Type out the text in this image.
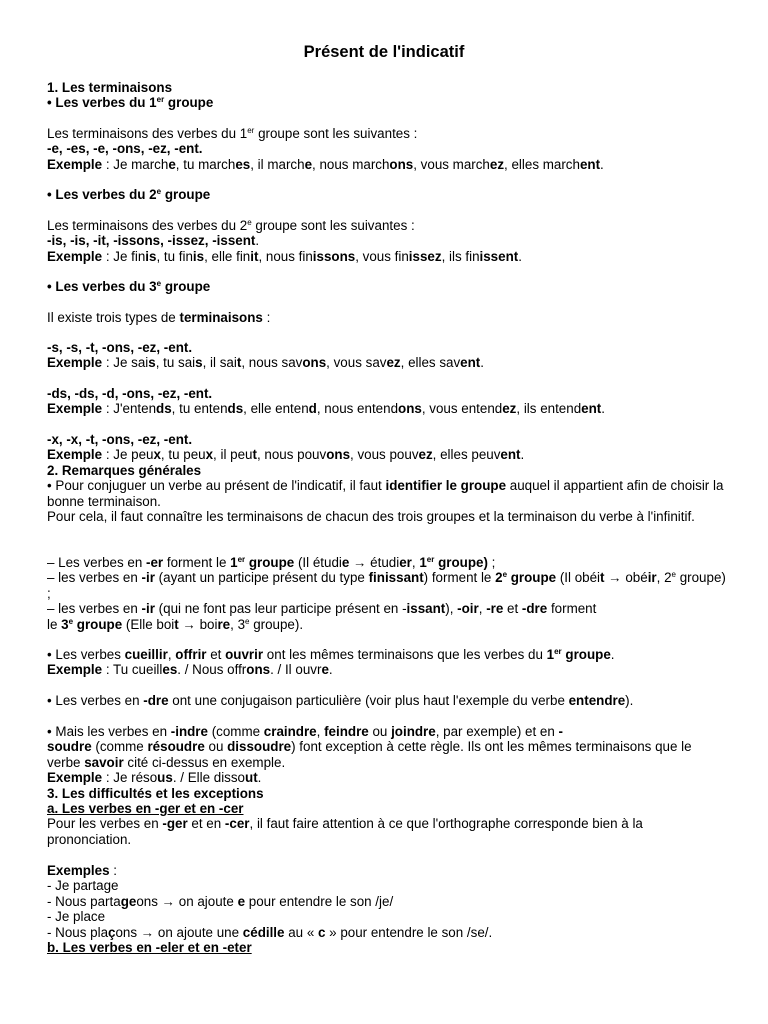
Présent de l'indicatif
1. Les terminaisons
• Les verbes du 1er groupe
Les terminaisons des verbes du 1er groupe sont les suivantes :
-e, -es, -e, -ons, -ez, -ent.
Exemple : Je marche, tu marches, il marche, nous marchons, vous marchez, elles marchent.
• Les verbes du 2e groupe
Les terminaisons des verbes du 2e groupe sont les suivantes :
-is, -is, -it, -issons, -issez, -issent.
Exemple : Je finis, tu finis, elle finit, nous finissons, vous finissez, ils finissent.
• Les verbes du 3e groupe
Il existe trois types de terminaisons :
-s, -s, -t, -ons, -ez, -ent.
Exemple : Je sais, tu sais, il sait, nous savons, vous savez, elles savent.
-ds, -ds, -d, -ons, -ez, -ent.
Exemple : J'entends, tu entends, elle entend, nous entendons, vous entendez, ils entendent.
-x, -x, -t, -ons, -ez, -ent.
Exemple : Je peux, tu peux, il peut, nous pouvons, vous pouvez, elles peuvent.
2. Remarques générales
• Pour conjuguer un verbe au présent de l'indicatif, il faut identifier le groupe auquel il appartient afin de choisir la bonne terminaison.
Pour cela, il faut connaître les terminaisons de chacun des trois groupes et la terminaison du verbe à l'infinitif.
– Les verbes en -er forment le 1er groupe (Il étudie → étudier, 1er groupe) ;
– les verbes en -ir (ayant un participe présent du type finissant) forment le 2e groupe (Il obéit → obéir, 2e groupe) ;
– les verbes en -ir (qui ne font pas leur participe présent en -issant), -oir, -re et -dre forment
le 3e groupe (Elle boit → boire, 3e groupe).
• Les verbes cueillir, offrir et ouvrir ont les mêmes terminaisons que les verbes du 1er groupe.
Exemple : Tu cueilles. / Nous offrons. / Il ouvre.
• Les verbes en -dre ont une conjugaison particulière (voir plus haut l'exemple du verbe entendre).
• Mais les verbes en -indre (comme craindre, feindre ou joindre, par exemple) et en -
soudre (comme résoudre ou dissoudre) font exception à cette règle. Ils ont les mêmes terminaisons que le verbe savoir cité ci-dessus en exemple.
Exemple : Je résous. / Elle dissout.
3. Les difficultés et les exceptions
a. Les verbes en -ger et en -cer
Pour les verbes en -ger et en -cer, il faut faire attention à ce que l'orthographe corresponde bien à la prononciation.
Exemples :
- Je partage
- Nous partageons → on ajoute e pour entendre le son /je/
- Je place
- Nous plaçons → on ajoute une cédille au « c » pour entendre le son /se/.
b. Les verbes en -eler et en -eter
